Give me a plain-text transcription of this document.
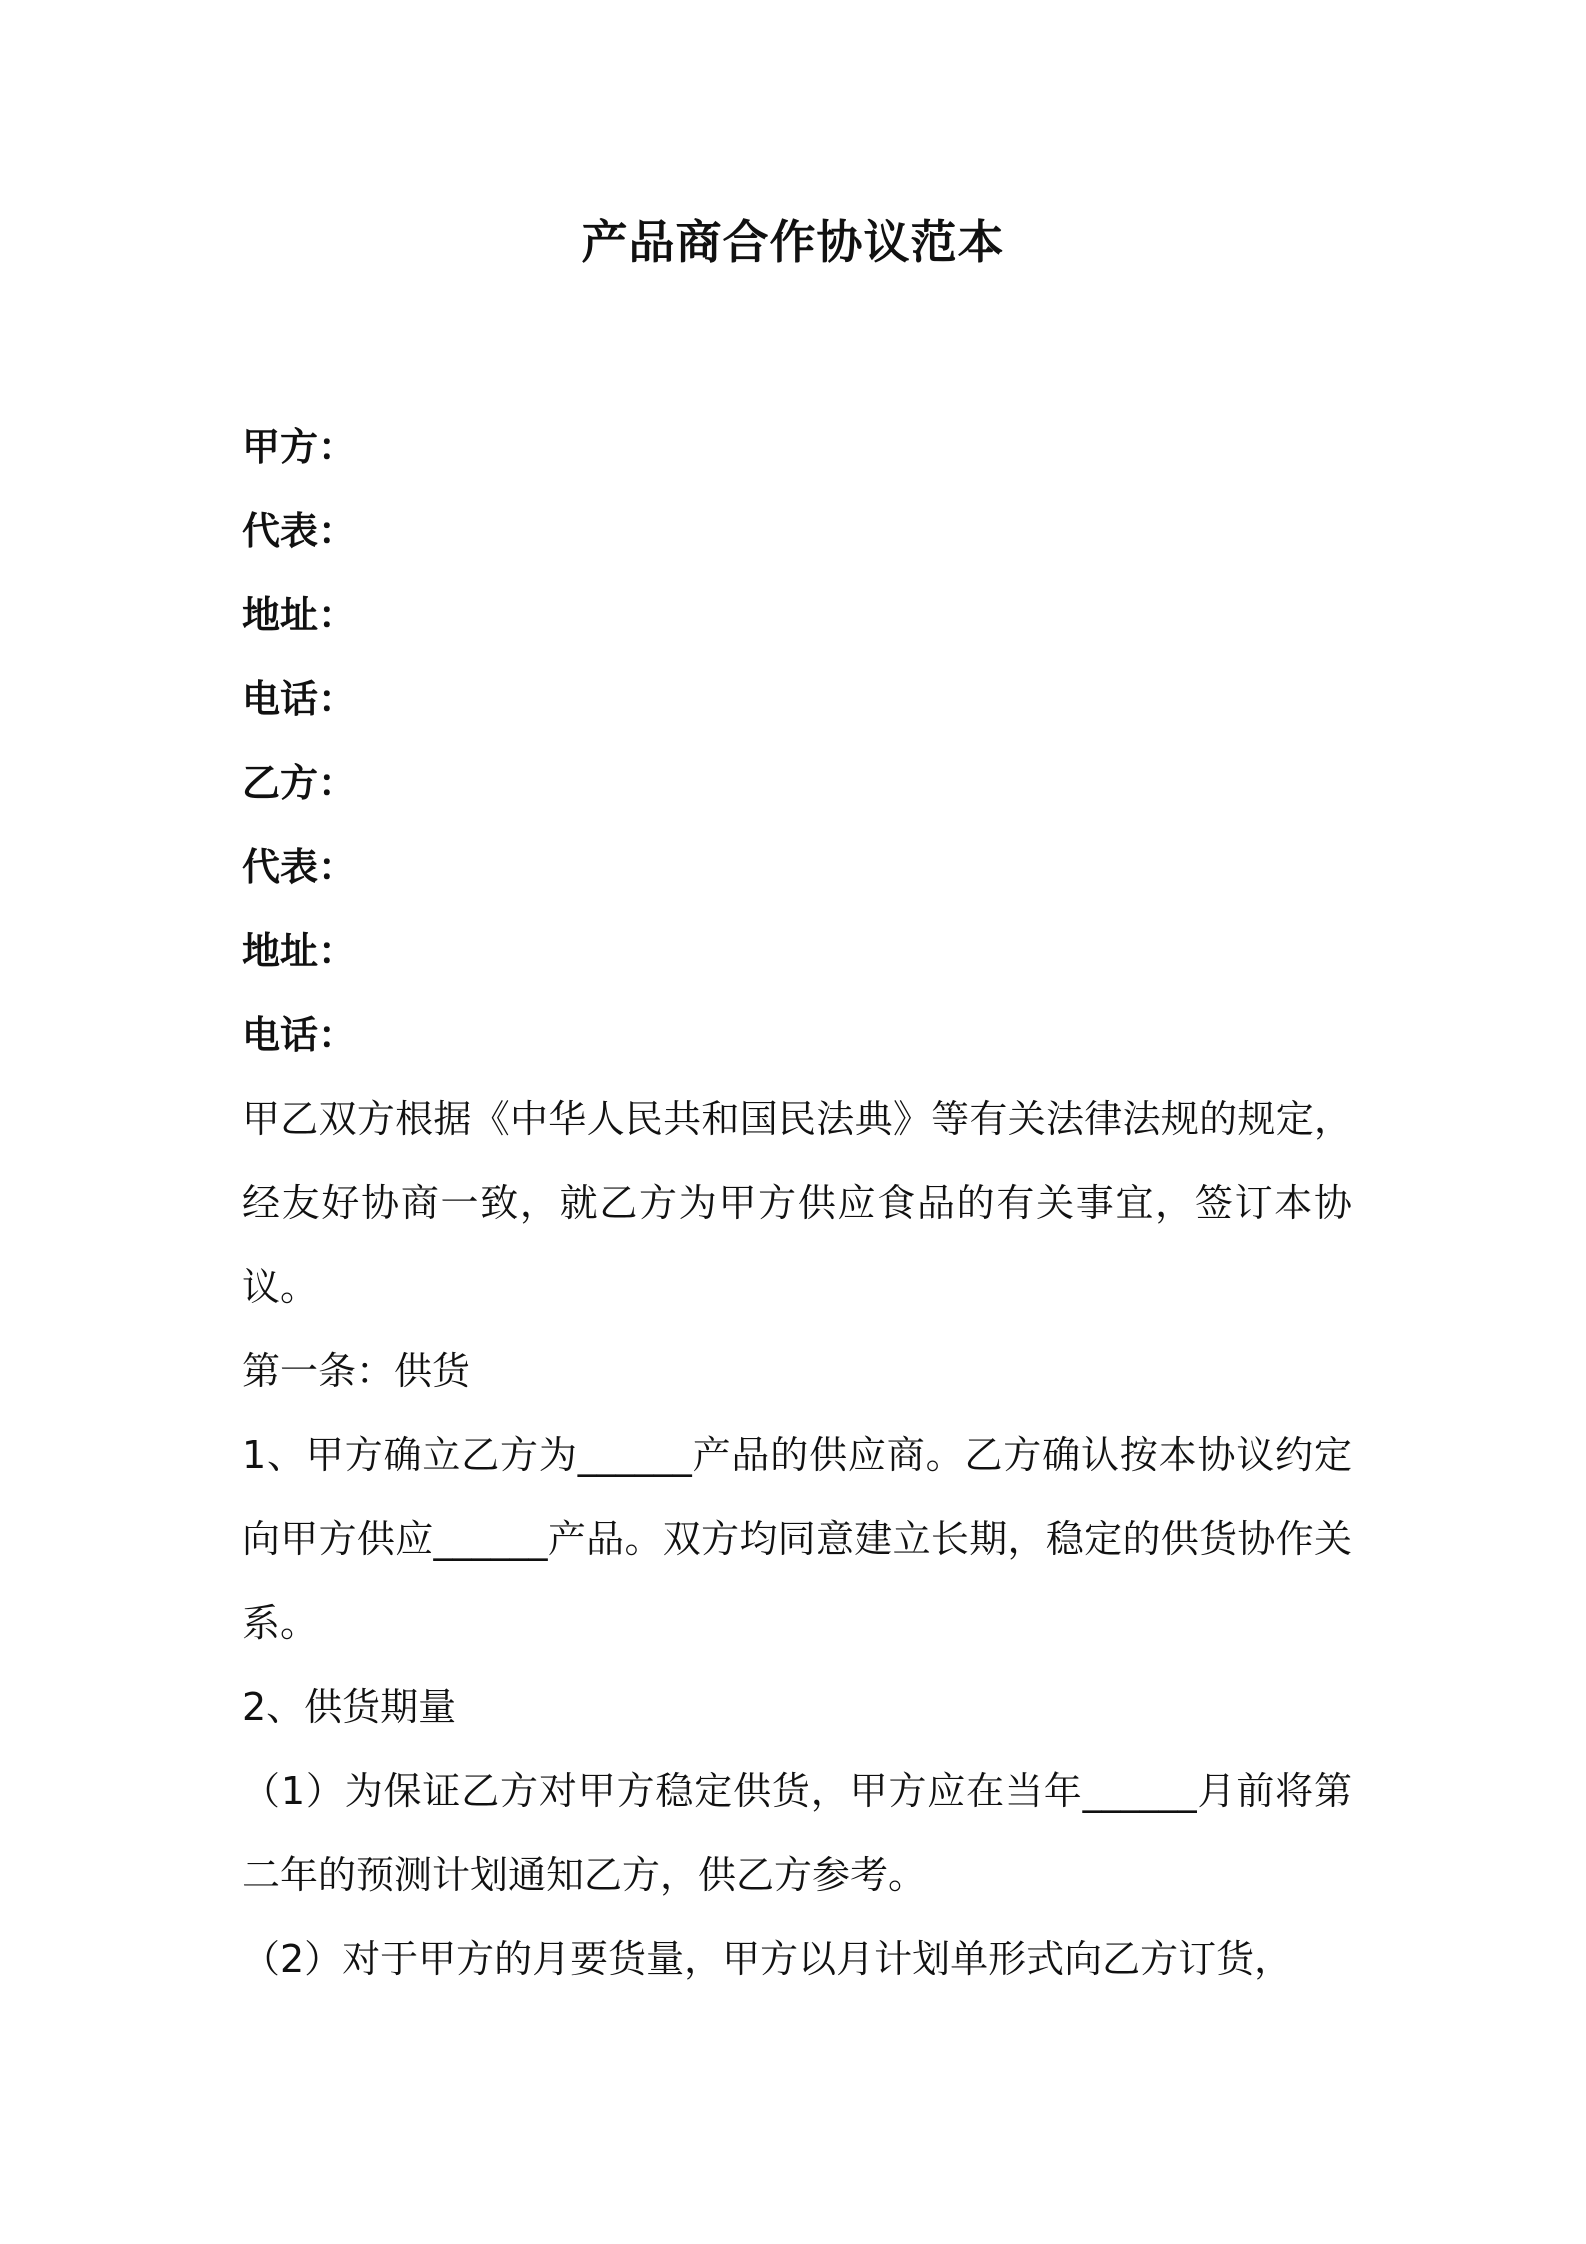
产品商合作协议范本
甲方：
代表：
地址：
电话：
乙方：
代表：
地址：
电话：
甲乙双方根据《中华人民共和国民法典》等有关法律法规的规定，经友好协商一致，就乙方为甲方供应食品的有关事宜，签订本协议。
第一条：供货
1、甲方确立乙方为______产品的供应商。乙方确认按本协议约定向甲方供应______产品。双方均同意建立长期，稳定的供货协作关系。
2、供货期量
（1）为保证乙方对甲方稳定供货，甲方应在当年______月前将第二年的预测计划通知乙方，供乙方参考。
（2）对于甲方的月要货量，甲方以月计划单形式向乙方订货，
